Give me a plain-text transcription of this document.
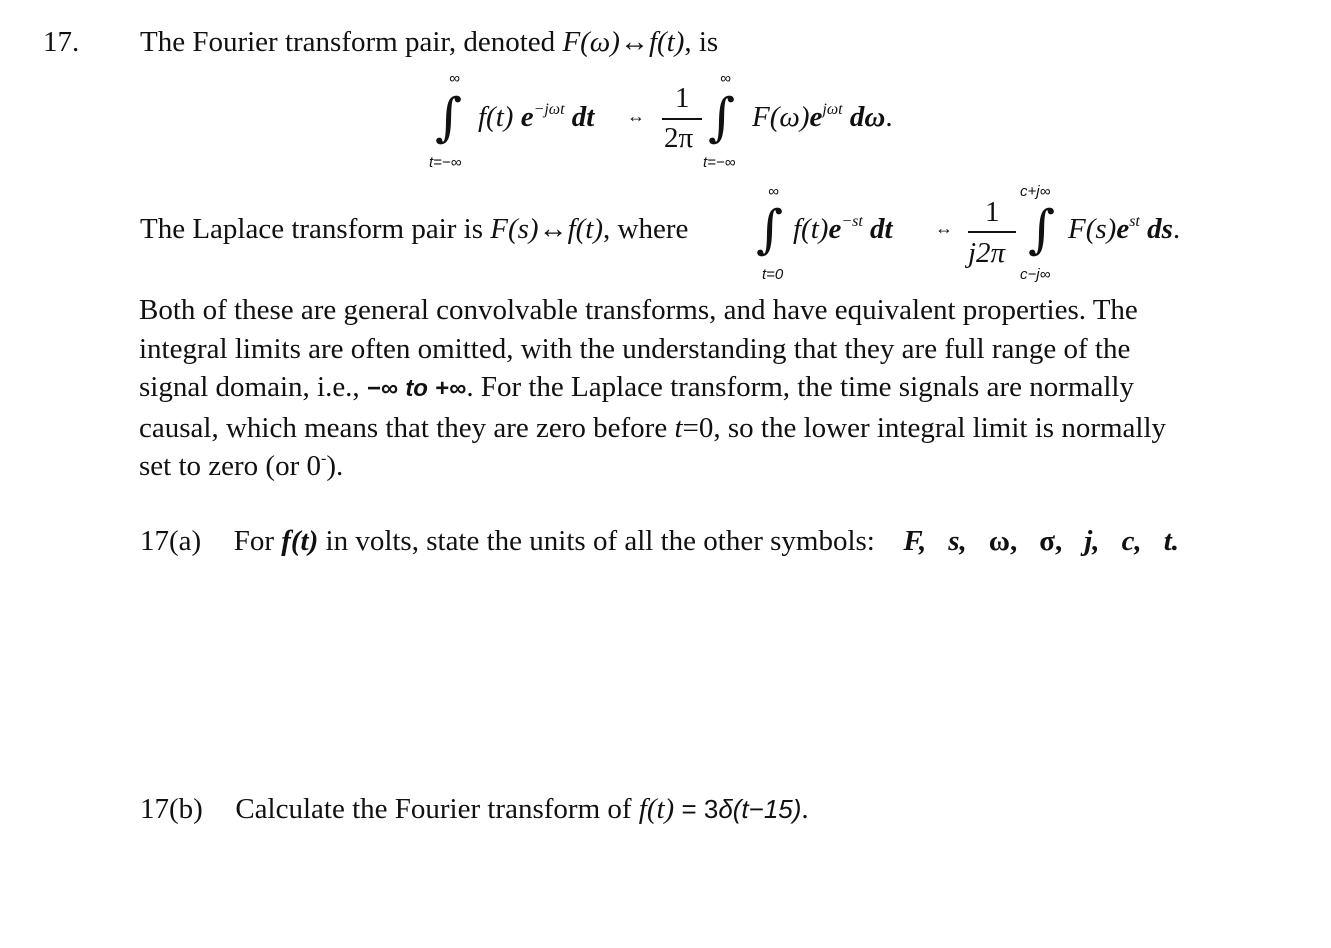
17. The Fourier transform pair, denoted F(ω)↔f(t), is
∞
∫
t=−∞
f(t) $e^{-j\omega t}$ dt ↔
1
2π
∞
∫
t=−∞
$F(\omega)e^{j\omega t}$ dω.
The Laplace transform pair is F(s)↔f(t), where
∞
∫
t=0
$f(t)e^{-st}$ dt ↔ 1
j2π
c+j∞
∫
c−j∞
$F(s)e^{st}$ ds.
Both of these are general convolvable transforms, and have equivalent properties. The
integral limits are often omitted, with the understanding that they are full range of the
signal domain, i.e., −∞ to +∞. For the Laplace transform, the time signals are normally
causal, which means that they are zero before t=0, so the lower integral limit is normally
set to zero (or 0-).
17(a) For f(t) in volts, state the units of all the other symbols: F, s, ω, σ, j, c, t.
17(b) Calculate the Fourier transform of f(t) = 3δ(t−15).
